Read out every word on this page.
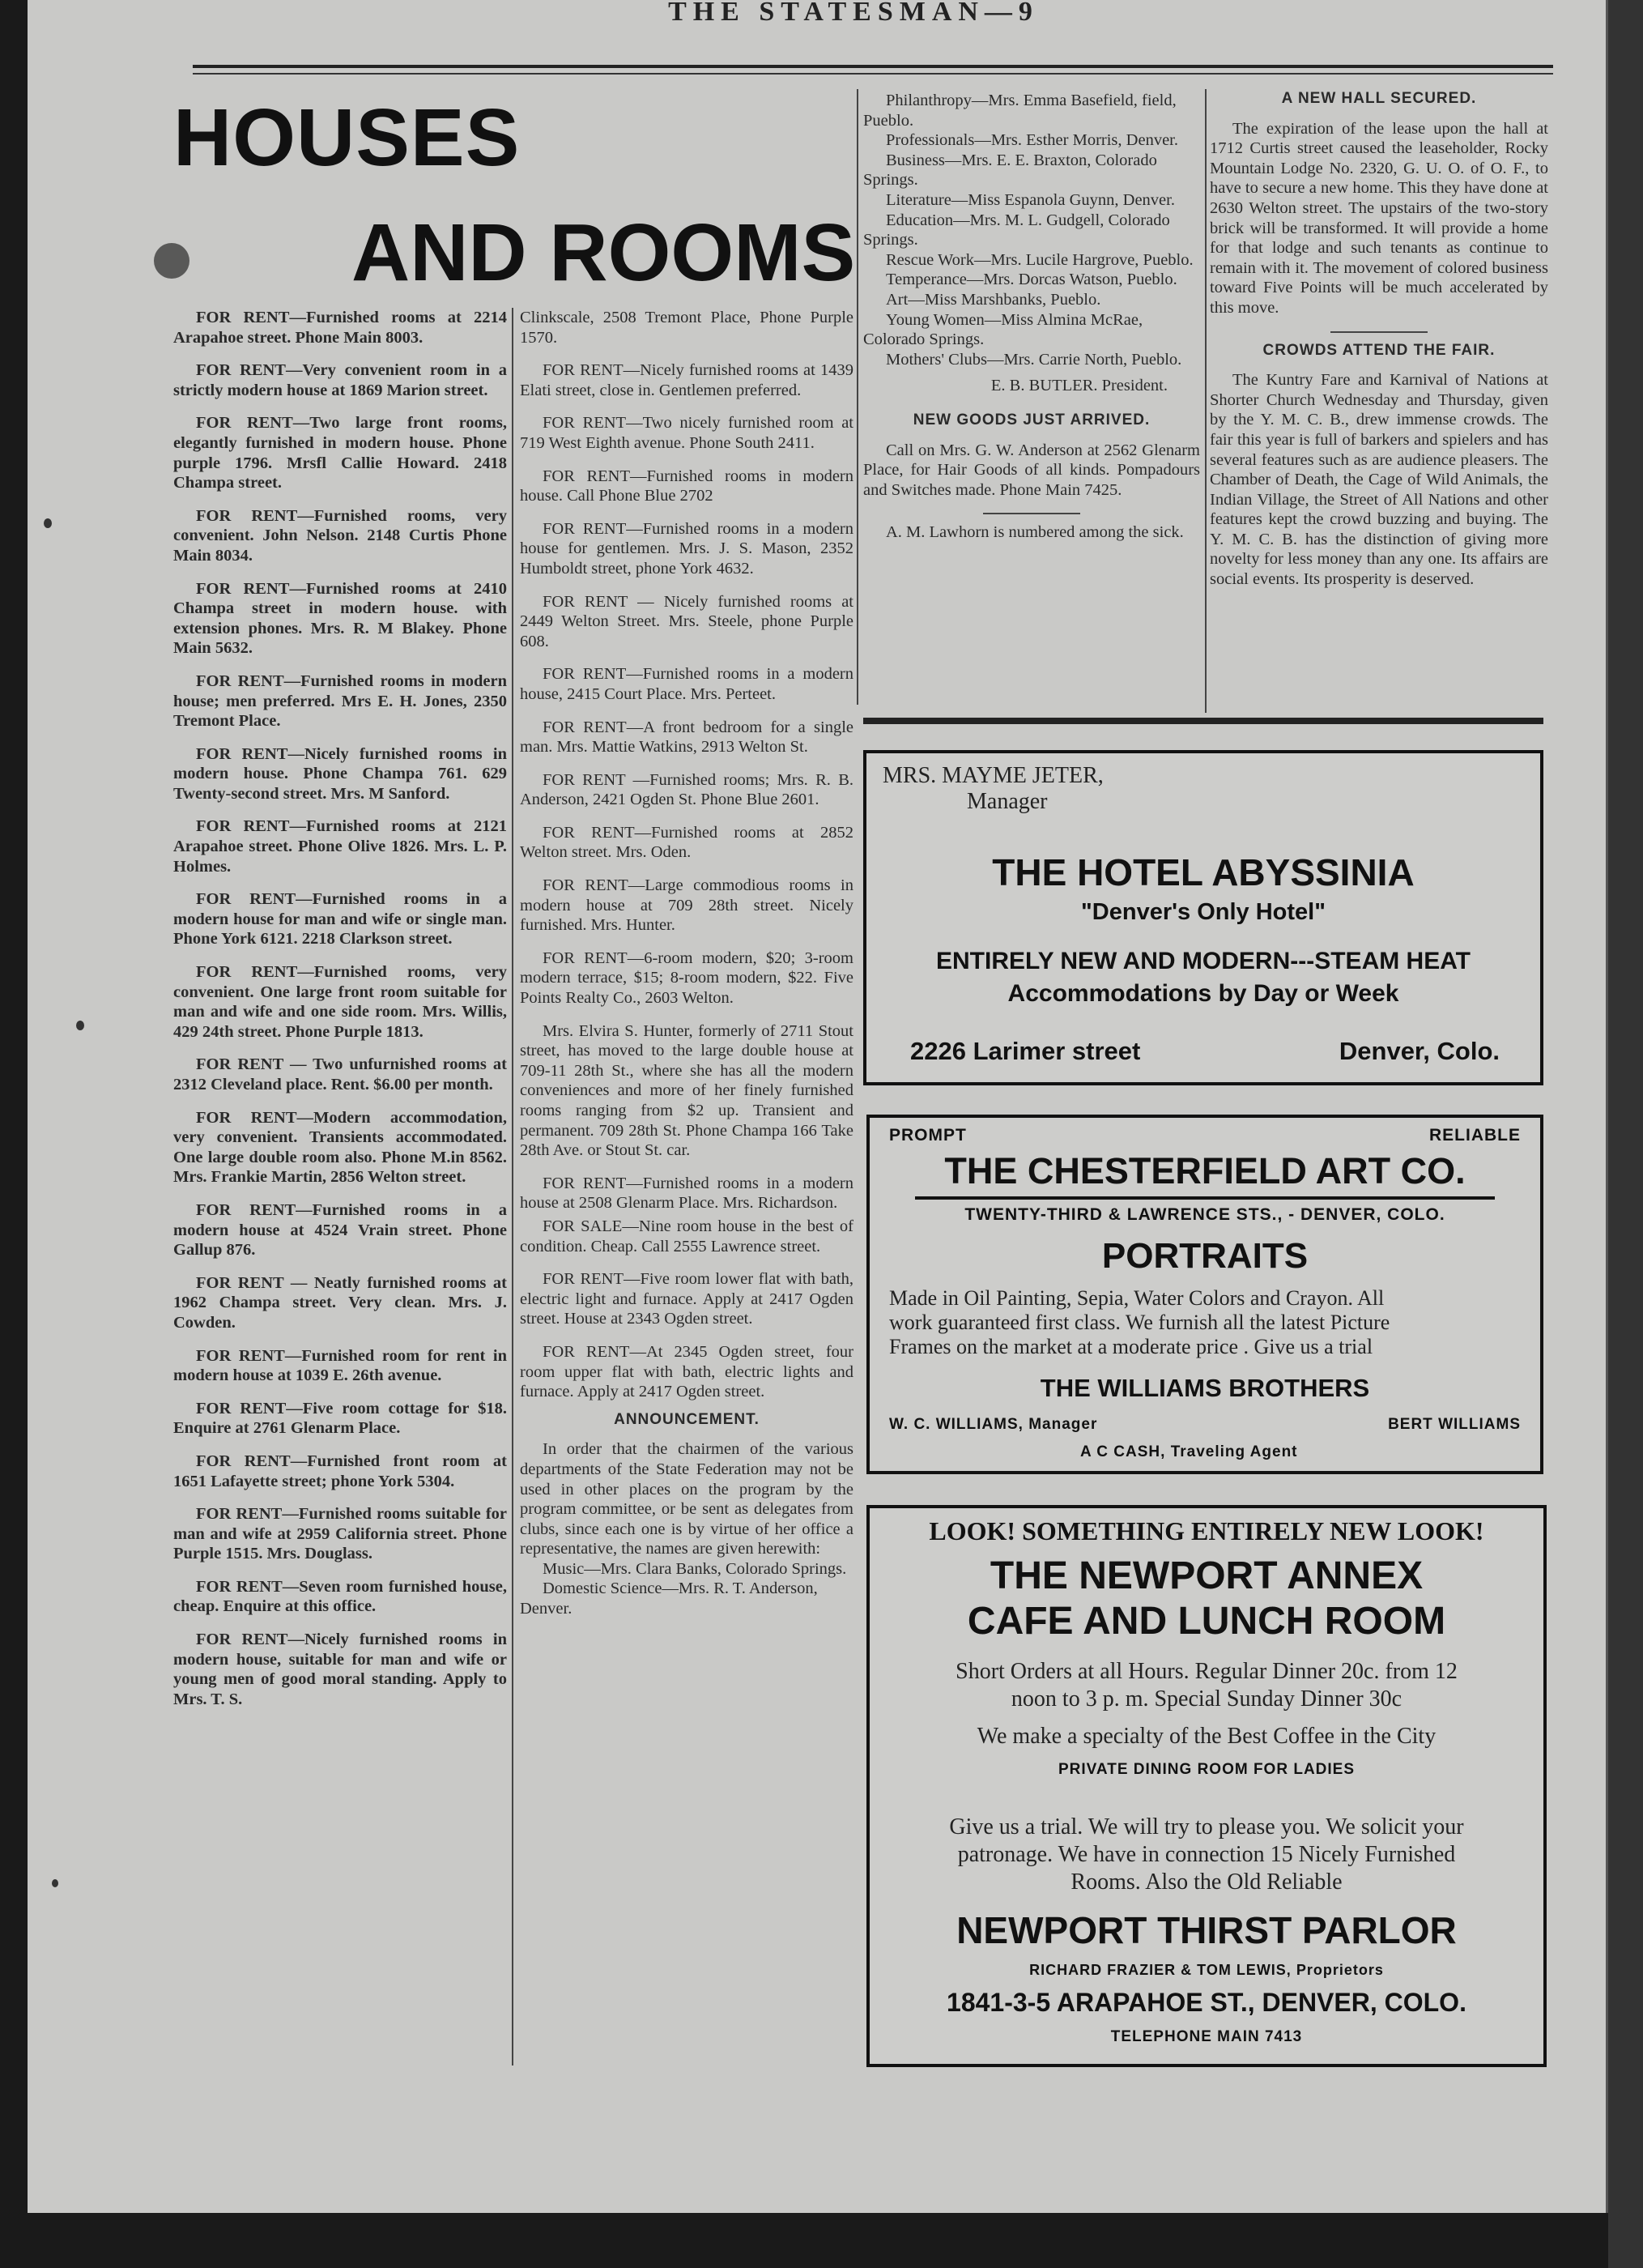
THE STATESMAN—9
HOUSES
AND ROOMS

FOR RENT—Furnished rooms at 2214 Arapahoe street. Phone Main 8003.

FOR RENT—Very convenient room in a strictly modern house at 1869 Marion street.

FOR RENT—Two large front rooms, elegantly furnished in modern house. Phone purple 1796. Mrsfl Callie Howard. 2418 Champa street.

FOR RENT—Furnished rooms, very convenient. John Nelson. 2148 Curtis Phone Main 8034.

FOR RENT—Furnished rooms at 2410 Champa street in modern house. with extension phones. Mrs. R. M Blakey. Phone Main 5632.

FOR RENT—Furnished rooms in modern house; men preferred. Mrs E. H. Jones, 2350 Tremont Place.

FOR RENT—Nicely furnished rooms in modern house. Phone Champa 761. 629 Twenty-second street. Mrs. M Sanford.

FOR RENT—Furnished rooms at 2121 Arapahoe street. Phone Olive 1826. Mrs. L. P. Holmes.

FOR RENT—Furnished rooms in a modern house for man and wife or single man. Phone York 6121. 2218 Clarkson street.

FOR RENT—Furnished rooms, very convenient. One large front room suitable for man and wife and one side room. Mrs. Willis, 429 24th street. Phone Purple 1813.

FOR RENT — Two unfurnished rooms at 2312 Cleveland place. Rent. $6.00 per month.

FOR RENT—Modern accommodation, very convenient. Transients accommodated. One large double room also. Phone M.in 8562. Mrs. Frankie Martin, 2856 Welton street.

FOR RENT—Furnished rooms in a modern house at 4524 Vrain street. Phone Gallup 876.

FOR RENT — Neatly furnished rooms at 1962 Champa street. Very clean. Mrs. J. Cowden.

FOR RENT—Furnished room for rent in modern house at 1039 E. 26th avenue.

FOR RENT—Five room cottage for $18. Enquire at 2761 Glenarm Place.

FOR RENT—Furnished front room at 1651 Lafayette street; phone York 5304.

FOR RENT—Furnished rooms suitable for man and wife at 2959 California street. Phone Purple 1515. Mrs. Douglass.

FOR RENT—Seven room furnished house, cheap. Enquire at this office.

FOR RENT—Nicely furnished rooms in modern house, suitable for man and wife or young men of good moral standing. Apply to Mrs. T. S.

Clinkscale, 2508 Tremont Place, Phone Purple 1570.

FOR RENT—Nicely furnished rooms at 1439 Elati street, close in. Gentlemen preferred.

FOR RENT—Two nicely furnished room at 719 West Eighth avenue. Phone South 2411.

FOR RENT—Furnished rooms in modern house. Call Phone Blue 2702

FOR RENT—Furnished rooms in a modern house for gentlemen. Mrs. J. S. Mason, 2352 Humboldt street, phone York 4632.

FOR RENT — Nicely furnished rooms at 2449 Welton Street. Mrs. Steele, phone Purple 608.

FOR RENT—Furnished rooms in a modern house, 2415 Court Place. Mrs. Perteet.

FOR RENT—A front bedroom for a single man. Mrs. Mattie Watkins, 2913 Welton St.

FOR RENT —Furnished rooms; Mrs. R. B. Anderson, 2421 Ogden St. Phone Blue 2601.

FOR RENT—Furnished rooms at 2852 Welton street. Mrs. Oden.

FOR RENT—Large commodious rooms in modern house at 709 28th street. Nicely furnished. Mrs. Hunter.

FOR RENT—6-room modern, $20; 3-room modern terrace, $15; 8-room modern, $22. Five Points Realty Co., 2603 Welton.

Mrs. Elvira S. Hunter, formerly of 2711 Stout street, has moved to the large double house at 709-11 28th St., where she has all the modern conveniences and more of her finely furnished rooms ranging from $2 up. Transient and permanent. 709 28th St. Phone Champa 166 Take 28th Ave. or Stout St. car.

FOR RENT—Furnished rooms in a modern house at 2508 Glenarm Place. Mrs. Richardson.

FOR SALE—Nine room house in the best of condition. Cheap. Call 2555 Lawrence street.

FOR RENT—Five room lower flat with bath, electric light and furnace. Apply at 2417 Ogden street. House at 2343 Ogden street.

FOR RENT—At 2345 Ogden street, four room upper flat with bath, electric lights and furnace. Apply at 2417 Ogden street.

ANNOUNCEMENT.

In order that the chairmen of the various departments of the State Federation may not be used in other places on the program by the program committee, or be sent as delegates from clubs, since each one is by virtue of her office a representative, the names are given herewith:

Music—Mrs. Clara Banks, Colorado Springs.
Domestic Science—Mrs. R. T. Anderson, Denver.
Philanthropy—Mrs. Emma Basefield, field, Pueblo.
Professionals—Mrs. Esther Morris, Denver.
Business—Mrs. E. E. Braxton, Colorado Springs.
Literature—Miss Espanola Guynn, Denver.
Education—Mrs. M. L. Gudgell, Colorado Springs.
Rescue Work—Mrs. Lucile Hargrove, Pueblo.
Temperance—Mrs. Dorcas Watson, Pueblo.
Art—Miss Marshbanks, Pueblo.
Young Women—Miss Almina McRae, Colorado Springs.
Mothers' Clubs—Mrs. Carrie North, Pueblo.
E. B. BUTLER. President.
NEW GOODS JUST ARRIVED.

Call on Mrs. G. W. Anderson at 2562 Glenarm Place, for Hair Goods of all kinds. Pompadours and Switches made. Phone Main 7425.

A. M. Lawhorn is numbered among the sick.

A NEW HALL SECURED.

The expiration of the lease upon the hall at 1712 Curtis street caused the leaseholder, Rocky Mountain Lodge No. 2320, G. U. O. of O. F., to have to secure a new home. This they have done at 2630 Welton street. The upstairs of the two-story brick will be transformed. It will provide a home for that lodge and such tenants as continue to remain with it. The movement of colored business toward Five Points will be much accelerated by this move.

CROWDS ATTEND THE FAIR.

The Kuntry Fare and Karnival of Nations at Shorter Church Wednesday and Thursday, given by the Y. M. C. B., drew immense crowds. The fair this year is full of barkers and spielers and has several features such as are audience pleasers. The Chamber of Death, the Cage of Wild Animals, the Indian Village, the Street of All Nations and other features kept the crowd buzzing and buying. The Y. M. C. B. has the distinction of giving more novelty for less money than any one. Its affairs are social events. Its prosperity is deserved.

MRS. MAYME JETER,
Manager
THE HOTEL ABYSSINIA
"Denver's Only Hotel"
ENTIRELY NEW AND MODERN---STEAM HEAT
Accommodations by Day or Week
2226 Larimer street	Denver, Colo.
PROMPT	RELIABLE
THE CHESTERFIELD ART CO.
TWENTY-THIRD & LAWRENCE STS., - DENVER, COLO.
PORTRAITS
Made in Oil Painting, Sepia, Water Colors and Crayon. All
work guaranteed first class. We furnish all the latest Picture
Frames on the market at a moderate price . Give us a trial
THE WILLIAMS BROTHERS
W. C. WILLIAMS, Manager	BERT WILLIAMS
A C CASH, Traveling Agent
LOOK! SOMETHING ENTIRELY NEW LOOK!
THE NEWPORT ANNEX
CAFE AND LUNCH ROOM
Short Orders at all Hours. Regular Dinner 20c. from 12
noon to 3 p. m. Special Sunday Dinner 30c
We make a specialty of the Best Coffee in the City
PRIVATE DINING ROOM FOR LADIES
Give us a trial. We will try to please you. We solicit your
patronage. We have in connection 15 Nicely Furnished
Rooms. Also the Old Reliable
NEWPORT THIRST PARLOR
RICHARD FRAZIER & TOM LEWIS, Proprietors
1841-3-5 ARAPAHOE ST., DENVER, COLO.
TELEPHONE MAIN 7413
